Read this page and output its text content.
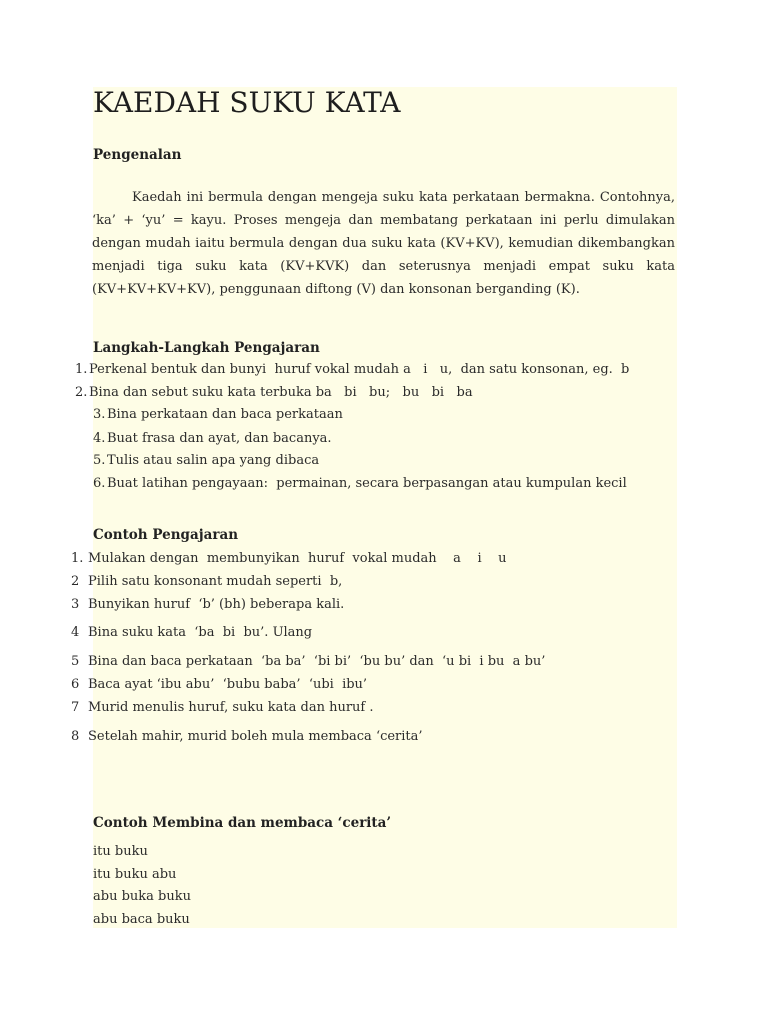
KAEDAH SUKU KATA
Pengenalan
Kaedah ini bermula dengan mengeja suku kata perkataan bermakna. Contohnya, ‘ka’ + ‘yu’ = kayu. Proses mengeja dan membatang perkataan ini perlu dimulakan dengan mudah iaitu bermula dengan dua suku kata (KV+KV), kemudian dikembangkan menjadi tiga suku kata (KV+KVK) dan seterusnya menjadi empat suku kata (KV+KV+KV+KV), penggunaan diftong (V) dan konsonan berganding (K).
Langkah-Langkah Pengajaran
1. Perkenal bentuk dan bunyi  huruf vokal mudah a   i   u,  dan satu konsonan, eg.  b
2. Bina dan sebut suku kata terbuka ba   bi   bu;   bu   bi   ba
3. Bina perkataan dan baca perkataan
4. Buat frasa dan ayat, dan bacanya.
5. Tulis atau salin apa yang dibaca
6. Buat latihan pengayaan:  permainan, secara berpasangan atau kumpulan kecil
Contoh Pengajaran
1. Mulakan dengan  membunyikan  huruf  vokal mudah    a    i    u
2 Pilih satu konsonant mudah seperti  b,
3 Bunyikan huruf  ‘b’ (bh) beberapa kali.
4 Bina suku kata  ‘ba  bi  bu’. Ulang
5 Bina dan baca perkataan  ‘ba ba’  ‘bi bi’  ‘bu bu’ dan  ‘u bi  i bu  a bu’
6 Baca ayat ‘ibu abu’  ‘bubu baba’  ‘ubi  ibu’
7 Murid menulis huruf, suku kata dan huruf .
8 Setelah mahir, murid boleh mula membaca ‘cerita’
Contoh Membina dan membaca ‘cerita’
itu buku
itu buku abu
abu buka buku
abu baca buku
